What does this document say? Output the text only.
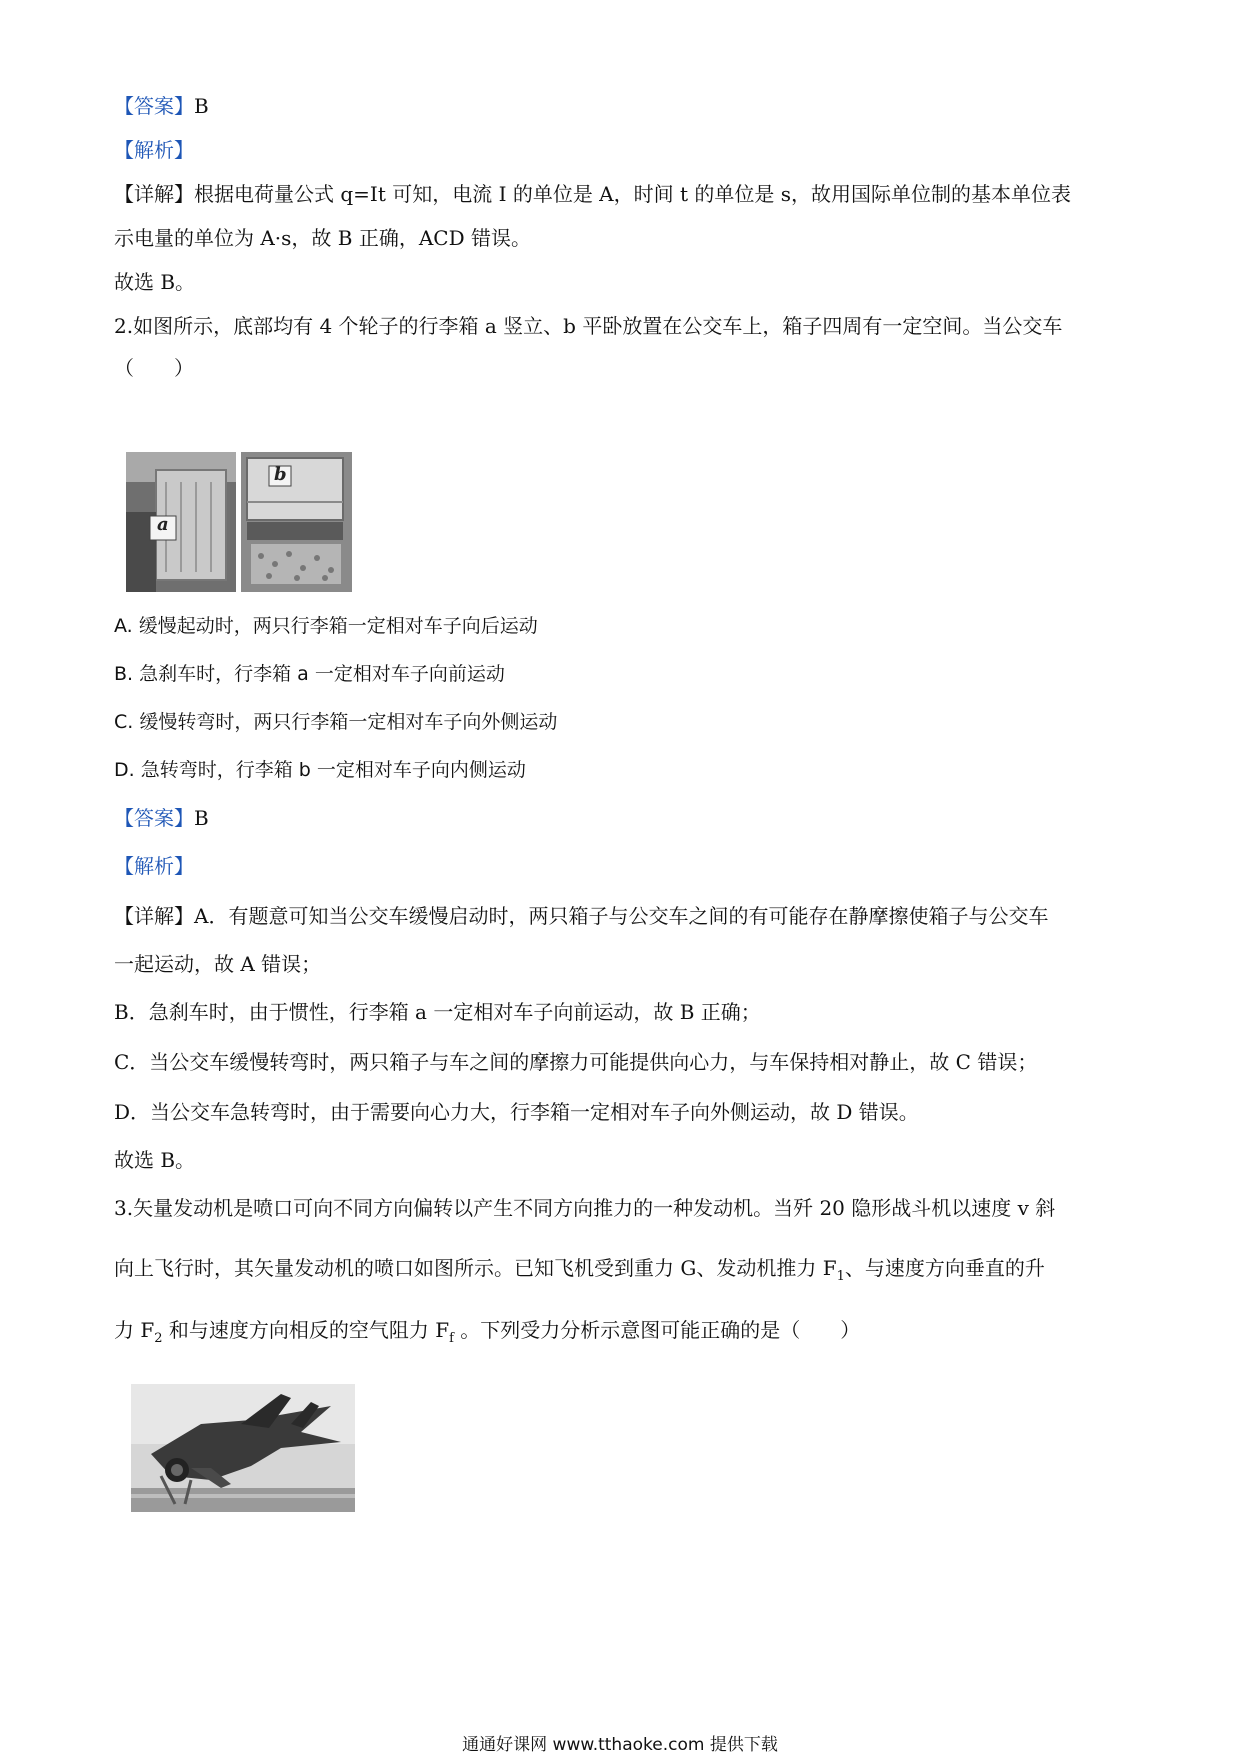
【答案】B
【解析】
【详解】根据电荷量公式 q=It 可知，电流 I 的单位是 A，时间 t 的单位是 s，故用国际单位制的基本单位表
示电量的单位为 A·s，故 B 正确，ACD 错误。
故选 B。
2.如图所示，底部均有 4 个轮子的行李箱 a 竖立、b 平卧放置在公交车上，箱子四周有一定空间。当公交车
（　　）
a
b
A. 缓慢起动时，两只行李箱一定相对车子向后运动
B. 急刹车时，行李箱 a 一定相对车子向前运动
C. 缓慢转弯时，两只行李箱一定相对车子向外侧运动
D. 急转弯时，行李箱 b 一定相对车子向内侧运动
【答案】B
【解析】
【详解】A．有题意可知当公交车缓慢启动时，两只箱子与公交车之间的有可能存在静摩擦使箱子与公交车
一起运动，故 A 错误；
B．急刹车时，由于惯性，行李箱 a 一定相对车子向前运动，故 B 正确；
C．当公交车缓慢转弯时，两只箱子与车之间的摩擦力可能提供向心力，与车保持相对静止，故 C 错误；
D．当公交车急转弯时，由于需要向心力大，行李箱一定相对车子向外侧运动，故 D 错误。
故选 B。
3.矢量发动机是喷口可向不同方向偏转以产生不同方向推力的一种发动机。当歼 20 隐形战斗机以速度 v 斜
向上飞行时，其矢量发动机的喷口如图所示。已知飞机受到重力 G、发动机推力 $F_1$、与速度方向垂直的升
力 $F_2$ 和与速度方向相反的空气阻力 $F_f$ 。下列受力分析示意图可能正确的是（　　）
通通好课网 www.tthaoke.com 提供下载
